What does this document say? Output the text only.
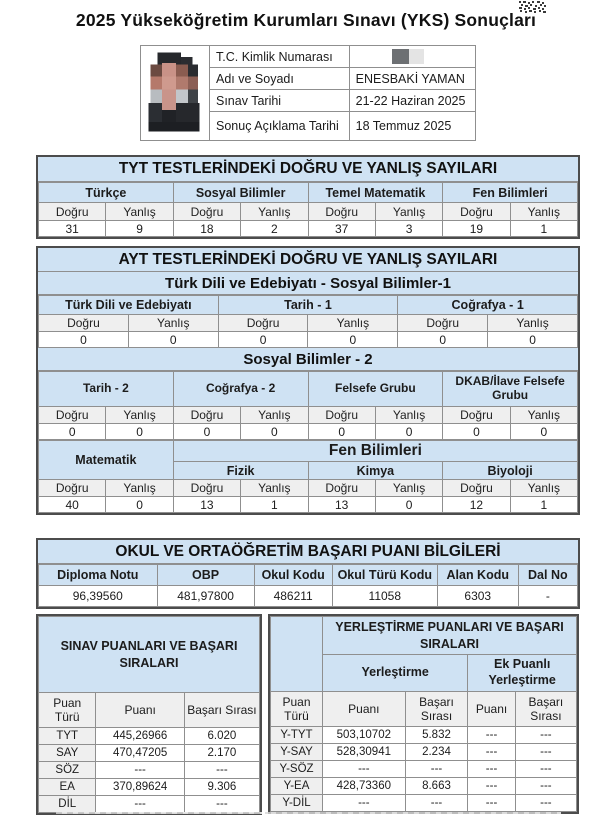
2025 Yükseköğretim Kurumları Sınavı (YKS) Sonuçları
	T.C. Kimlik Numarası	

	Adı ve Soyadı	ENESBAKİ YAMAN
	Sınav Tarihi	21-22 Haziran 2025
	Sonuç Açıklama Tarihi	18 Temmuz 2025
TYT TESTLERİNDEKİ DOĞRU VE YANLIŞ SAYILARI
Türkçe		Sosyal Bilimler		Temel Matematik		Fen Bilimleri	
Doğru	Yanlış	Doğru	Yanlış	Doğru	Yanlış	Doğru	Yanlış
31	9	18	2	37	3	19	1
AYT TESTLERİNDEKİ DOĞRU VE YANLIŞ SAYILARI
Türk Dili ve Edebiyatı - Sosyal Bilimler-1
Türk Dili ve Edebiyatı		Tarih - 1		Coğrafya - 1	
Doğru	Yanlış	Doğru	Yanlış	Doğru	Yanlış
0	0	0	0	0	0
Sosyal Bilimler - 2
Tarih - 2		Coğrafya - 2		Felsefe Grubu		DKAB/İlave Felsefe Grubu	
Doğru	Yanlış	Doğru	Yanlış	Doğru	Yanlış	Doğru	Yanlış
0	0	0	0	0	0	0	0
Matematik		Fen Bilimleri					
		Fizik		Kimya		Biyoloji	
Doğru	Yanlış	Doğru	Yanlış	Doğru	Yanlış	Doğru	Yanlış
40	0	13	1	13	0	12	1
OKUL VE ORTAÖĞRETİM BAŞARI PUANI BİLGİLERİ
Diploma Notu	OBP	Okul Kodu	Okul Türü Kodu	Alan Kodu	Dal No
96,39560	481,97800	486211	11058	6303	-
SINAV PUANLARI VE BAŞARI SIRALARI		
Puan Türü	Puanı	Başarı Sırası
TYT	445,26966	6.020
SAY	470,47205	2.170
SÖZ	---	---
EA	370,89624	9.306
DİL	---	---
	YERLEŞTİRME PUANLARI VE BAŞARI SIRALARI			
	Yerleştirme		Ek Puanlı Yerleştirme	
Puan Türü	Puanı	Başarı Sırası	Puanı	Başarı Sırası
Y-TYT	503,10702	5.832	---	---
Y-SAY	528,30941	2.234	---	---
Y-SÖZ	---	---	---	---
Y-EA	428,73360	8.663	---	---
Y-DİL	---	---	---	---
